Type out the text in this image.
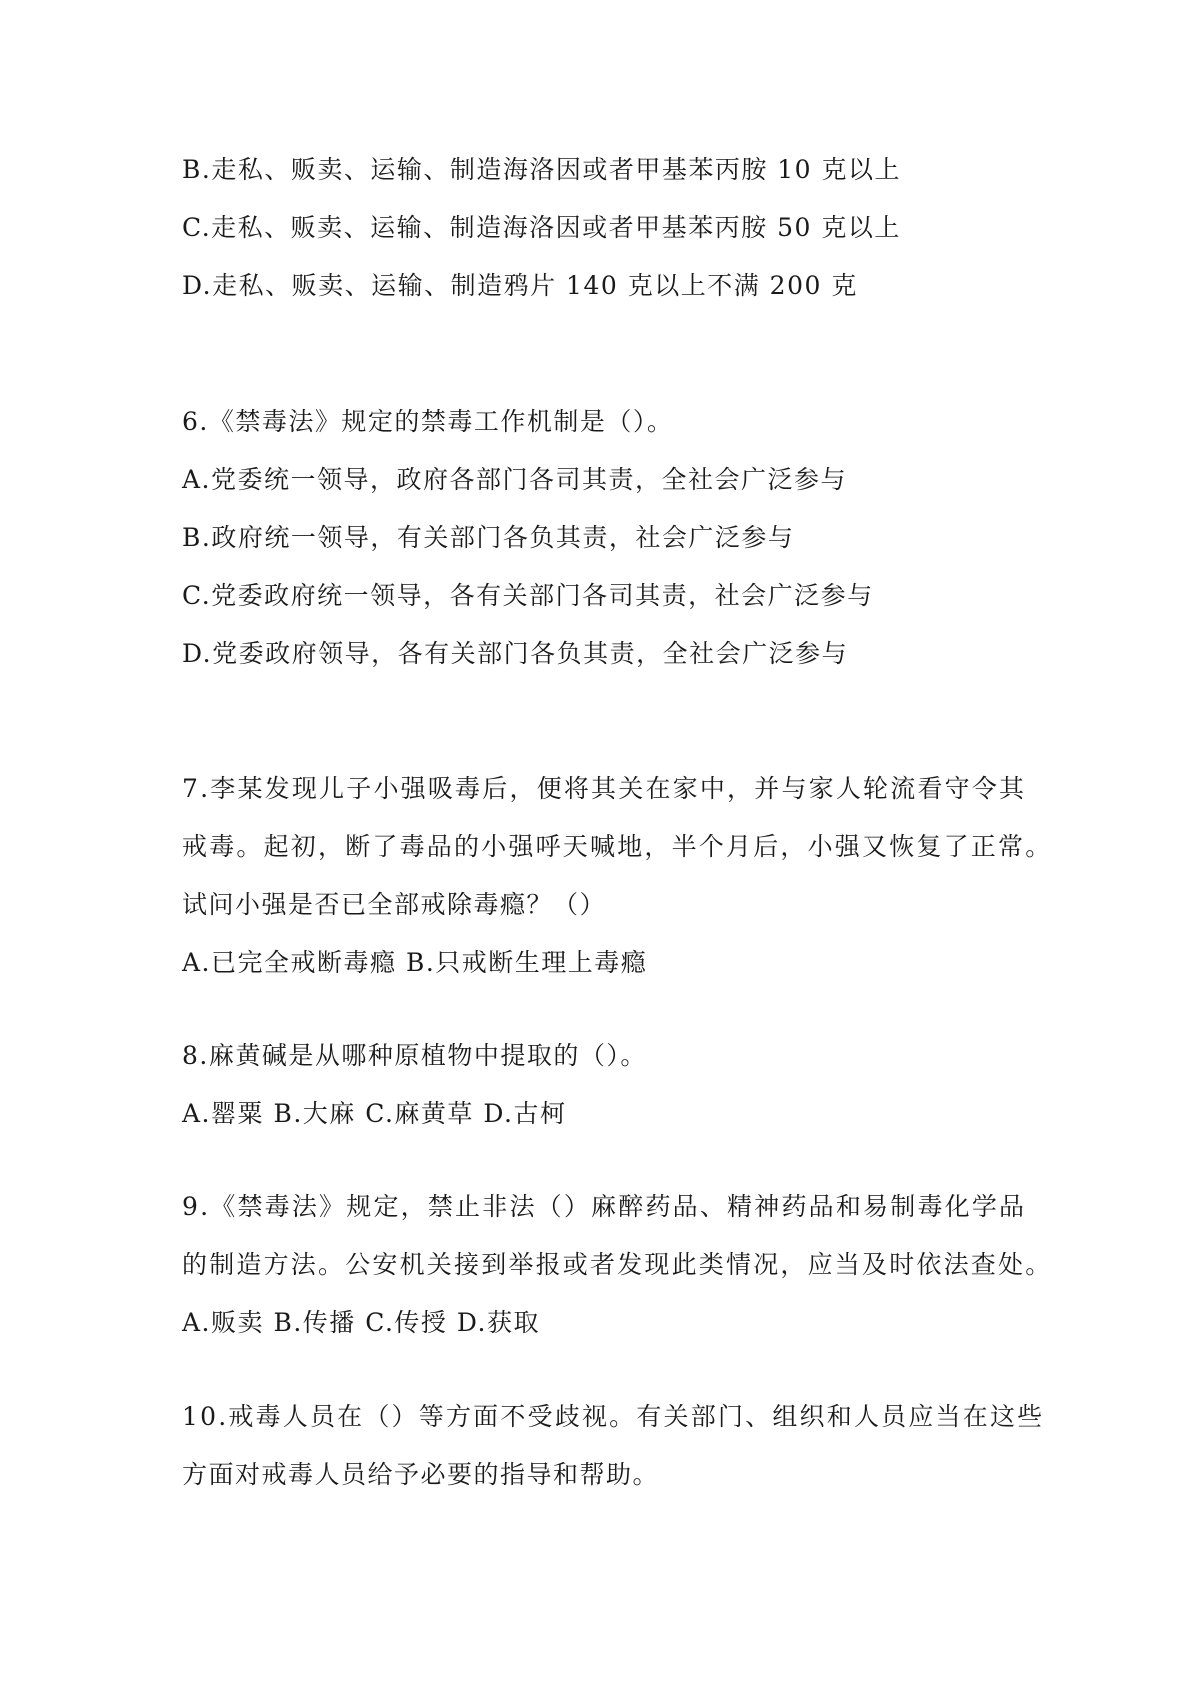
B.走私、贩卖、运输、制造海洛因或者甲基苯丙胺 10 克以上
C.走私、贩卖、运输、制造海洛因或者甲基苯丙胺 50 克以上
D.走私、贩卖、运输、制造鸦片 140 克以上不满 200 克
6.《禁毒法》规定的禁毒工作机制是（）。
A.党委统一领导，政府各部门各司其责，全社会广泛参与
B.政府统一领导，有关部门各负其责，社会广泛参与
C.党委政府统一领导，各有关部门各司其责，社会广泛参与
D.党委政府领导，各有关部门各负其责，全社会广泛参与
7.李某发现儿子小强吸毒后，便将其关在家中，并与家人轮流看守令其
戒毒。起初，断了毒品的小强呼天喊地，半个月后，小强又恢复了正常。
试问小强是否已全部戒除毒瘾？（）
A.已完全戒断毒瘾 B.只戒断生理上毒瘾
8.麻黄碱是从哪种原植物中提取的（）。
A.罂粟 B.大麻 C.麻黄草 D.古柯
9.《禁毒法》规定，禁止非法（）麻醉药品、精神药品和易制毒化学品
的制造方法。公安机关接到举报或者发现此类情况，应当及时依法查处。
A.贩卖 B.传播 C.传授 D.获取
10.戒毒人员在（）等方面不受歧视。有关部门、组织和人员应当在这些
方面对戒毒人员给予必要的指导和帮助。
